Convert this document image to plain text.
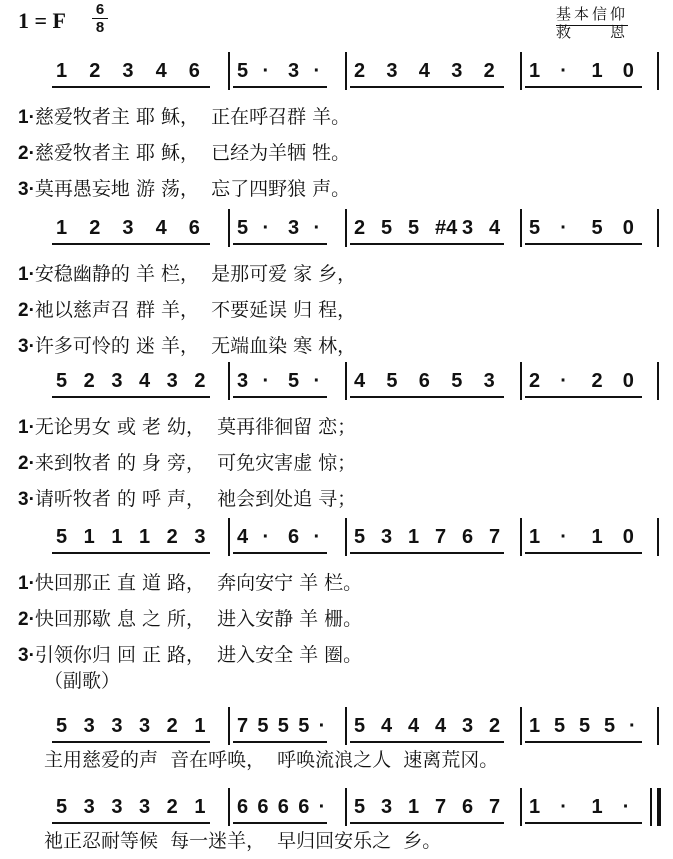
1 = F 6
8
基本信仰
救　　恩
1 2 3 4 6 5 · 3 · 2 3 4 3 2 1 · 1 0
1·慈爱牧者主 耶 稣，  正在呼召群 羊。
2·慈爱牧者主 耶 稣，  已经为羊牺 牲。
3·莫再愚妄地 游 荡，  忘了四野狼 声。
1 2 3 4 6 5 · 3 · 2 5 5 #4 3 4 5 · 5 0
1·安稳幽静的 羊 栏，  是那可爱 家 乡，
2·祂以慈声召 群 羊，  不要延误 归 程，
3·许多可怜的 迷 羊，  无端血染 寒 林，
5 2 3 4 3 2 3 · 5 · 4 5 6 5 3 2 · 2 0
1·无论男女 或 老 幼，  莫再徘徊留 恋；
2·来到牧者 的 身 旁，  可免灾害虚 惊；
3·请听牧者 的 呼 声，  祂会到处追 寻；
5 1 1 1 2 3 4 · 6 · 5 3 1 7 6 7 1 · 1 0
1·快回那正 直 道 路，  奔向安宁 羊 栏。
2·快回那歇 息 之 所，  进入安静 羊 栅。
3·引领你归 回 正 路，  进入安全 羊 圈。
5 3 3 3 2 1 7 5 5 5 · 5 4 4 4 3 2 1 5 5 5 ·
主用慈爱的声  音在呼唤，  呼唤流浪之人  速离荒冈。
5 3 3 3 2 1 6 6 6 6 · 5 3 1 7 6 7 1 · 1 ·
祂正忍耐等候  每一迷羊，  早归回安乐之  乡。
（副歌）
